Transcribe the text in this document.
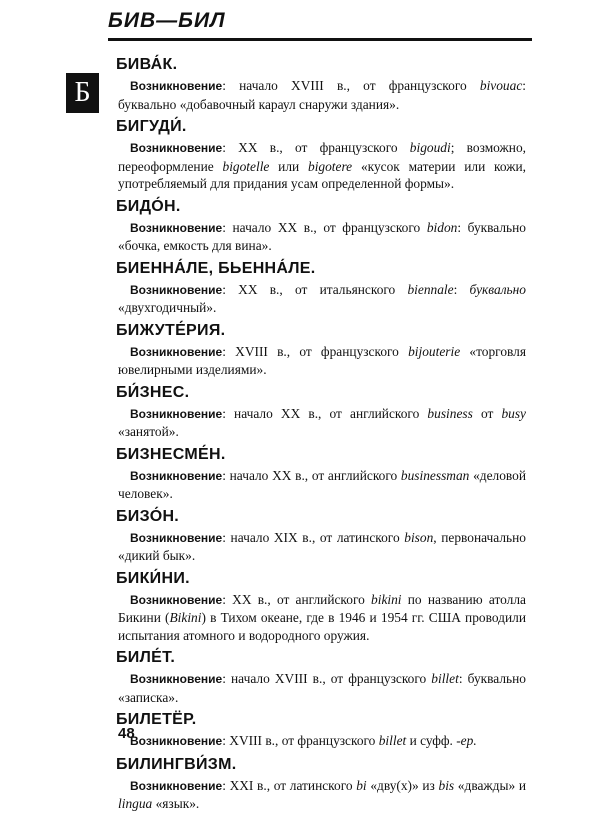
БИВ—БИЛ
Б
БИВА́К.
Возникновение: начало XVIII в., от французского bivouac: буквально «добавочный караул снаружи здания».
БИГУДИ́.
Возникновение: XX в., от французского bigoudi; возможно, переоформление bigotelle или bigotere «кусок материи или кожи, употребляемый для придания усам определенной формы».
БИДО́Н.
Возникновение: начало XX в., от французского bidon: буквально «бочка, емкость для вина».
БИЕННА́ЛЕ, БЬЕННА́ЛЕ.
Возникновение: XX в., от итальянского biennale: буквально «двухгодичный».
БИЖУТЕ́РИЯ.
Возникновение: XVIII в., от французского bijouterie «торговля ювелирными изделиями».
БИ́ЗНЕС.
Возникновение: начало XX в., от английского business от busy «занятой».
БИЗНЕСМЕ́Н.
Возникновение: начало XX в., от английского businessman «деловой человек».
БИЗО́Н.
Возникновение: начало XIX в., от латинского bison, первоначально «дикий бык».
БИКИ́НИ.
Возникновение: XX в., от английского bikini по названию атолла Бикини (Bikini) в Тихом океане, где в 1946 и 1954 гг. США проводили испытания атомного и водородного оружия.
БИЛЕ́Т.
Возникновение: начало XVIII в., от французского billet: буквально «записка».
БИЛЕТЁР.
Возникновение: XVIII в., от французского billet и суфф. -ер.
БИЛИНГВИ́ЗМ.
Возникновение: XXI в., от латинского bi «дву(х)» из bis «дважды» и lingua «язык».
48
